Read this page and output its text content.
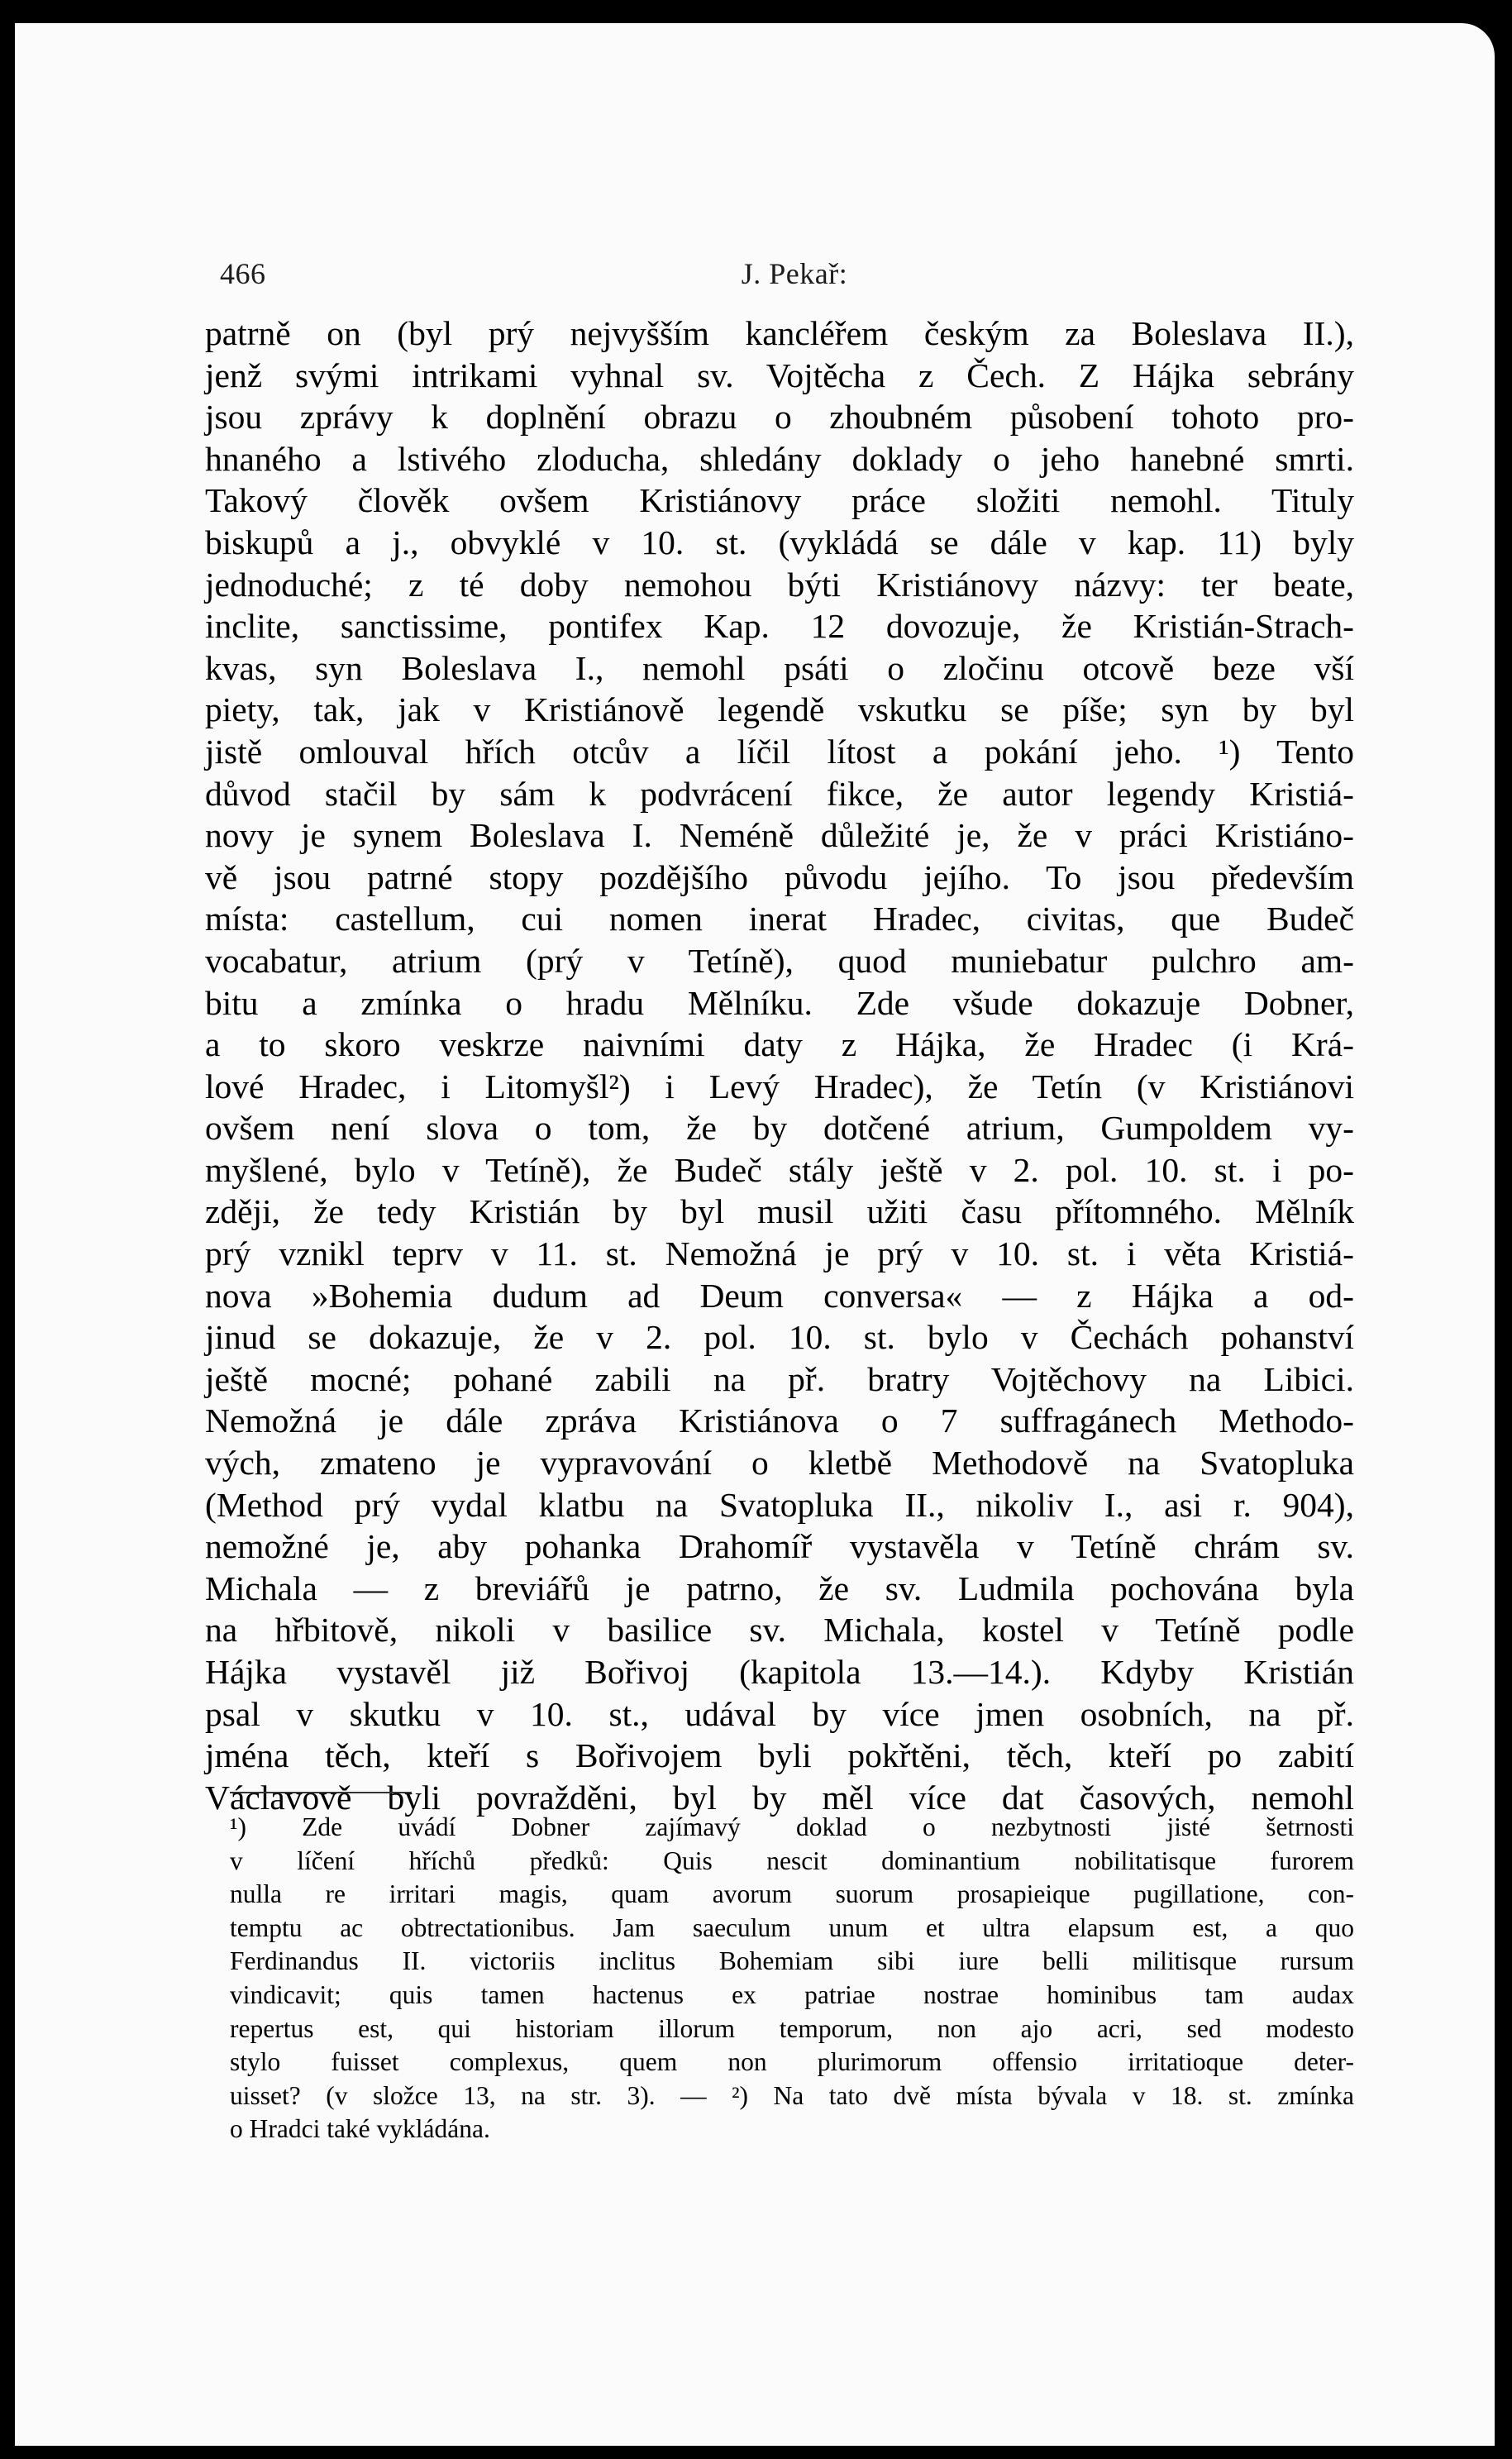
466	J. Pekař:
patrně on (byl prý nejvyšším kancléřem českým za Boleslava II.),
jenž svými intrikami vyhnal sv. Vojtěcha z Čech. Z Hájka sebrány
jsou zprávy k doplnění obrazu o zhoubném působení tohoto pro-
hnaného a lstivého zloducha, shledány doklady o jeho hanebné smrti.
Takový člověk ovšem Kristiánovy práce složiti nemohl. Tituly
biskupů a j., obvyklé v 10. st. (vykládá se dále v kap. 11) byly
jednoduché; z té doby nemohou býti Kristiánovy názvy: ter beate,
inclite, sanctissime, pontifex Kap. 12 dovozuje, že Kristián-Strach-
kvas, syn Boleslava I., nemohl psáti o zločinu otcově beze vší
piety, tak, jak v Kristiánově legendě vskutku se píše; syn by byl
jistě omlouval hřích otcův a líčil lítost a pokání jeho. ¹) Tento
důvod stačil by sám k podvrácení fikce, že autor legendy Kristiá-
novy je synem Boleslava I. Neméně důležité je, že v práci Kristiáno-
vě jsou patrné stopy pozdějšího původu jejího. To jsou především
místa: castellum, cui nomen inerat Hradec, civitas, que Budeč
vocabatur, atrium (prý v Tetíně), quod muniebatur pulchro am-
bitu a zmínka o hradu Mělníku. Zde všude dokazuje Dobner,
a to skoro veskrze naivními daty z Hájka, že Hradec (i Krá-
lové Hradec, i Litomyšl²) i Levý Hradec), že Tetín (v Kristiánovi
ovšem není slova o tom, že by dotčené atrium, Gumpoldem vy-
myšlené, bylo v Tetíně), že Budeč stály ještě v 2. pol. 10. st. i po-
zději, že tedy Kristián by byl musil užiti času přítomného. Mělník
prý vznikl teprv v 11. st. Nemožná je prý v 10. st. i věta Kristiá-
nova »Bohemia dudum ad Deum conversa« — z Hájka a od-
jinud se dokazuje, že v 2. pol. 10. st. bylo v Čechách pohanství
ještě mocné; pohané zabili na př. bratry Vojtěchovy na Libici.
Nemožná je dále zpráva Kristiánova o 7 suffragánech Methodo-
vých, zmateno je vypravování o kletbě Methodově na Svatopluka
(Method prý vydal klatbu na Svatopluka II., nikoliv I., asi r. 904),
nemožné je, aby pohanka Drahomíř vystavěla v Tetíně chrám sv.
Michala — z breviářů je patrno, že sv. Ludmila pochována byla
na hřbitově, nikoli v basilice sv. Michala, kostel v Tetíně podle
Hájka vystavěl již Bořivoj (kapitola 13.—14.). Kdyby Kristián
psal v skutku v 10. st., udával by více jmen osobních, na př.
jména těch, kteří s Bořivojem byli pokřtěni, těch, kteří po zabití
Václavově byli povražděni, byl by měl více dat časových, nemohl
¹) Zde uvádí Dobner zajímavý doklad o nezbytnosti jisté šetrnosti
v líčení hříchů předků: Quis nescit dominantium nobilitatisque furorem
nulla re irritari magis, quam avorum suorum prosapieique pugillatione, con-
temptu ac obtrectationibus. Jam saeculum unum et ultra elapsum est, a quo
Ferdinandus II. victoriis inclitus Bohemiam sibi iure belli militisque rursum
vindicavit; quis tamen hactenus ex patriae nostrae hominibus tam audax
repertus est, qui historiam illorum temporum, non ajo acri, sed modesto
stylo fuisset complexus, quem non plurimorum offensio irritatioque deter-
uisset? (v složce 13, na str. 3). — ²) Na tato dvě místa bývala v 18. st. zmínka
o Hradci také vykládána.
